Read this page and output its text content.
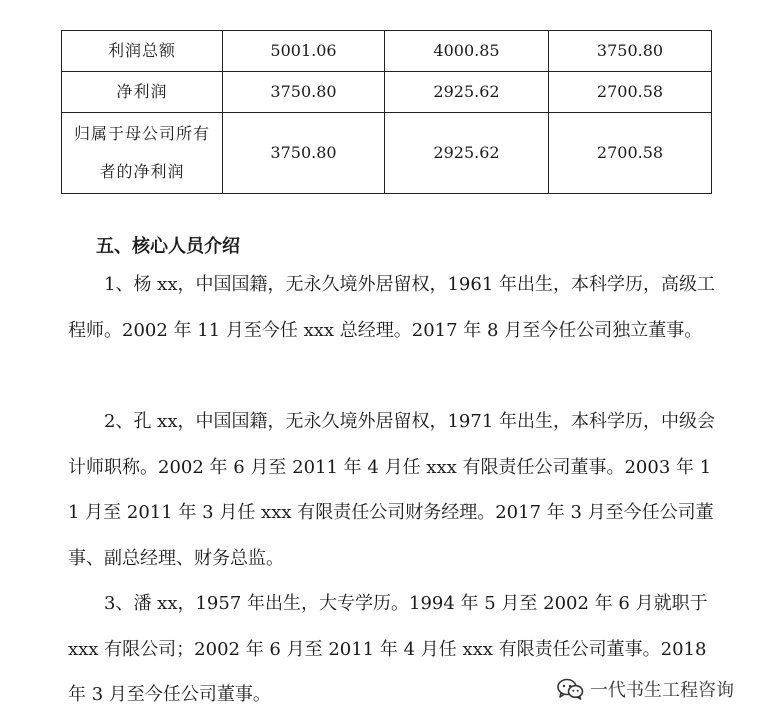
利润总额	5001.06	4000.85	3750.80
净利润	3750.80	2925.62	2700.58
归属于母公司所有者的净利润	3750.80	2925.62	2700.58
五、核心人员介绍

1、杨 xx，中国国籍，无永久境外居留权，1961 年出生，本科学历，高级工程师。2002 年 11 月至今任 xxx 总经理。2017 年 8 月至今任公司独立董事。

2、孔 xx，中国国籍，无永久境外居留权，1971 年出生，本科学历，中级会计师职称。2002 年 6 月至 2011 年 4 月任 xxx 有限责任公司董事。2003 年 11 月至 2011 年 3 月任 xxx 有限责任公司财务经理。2017 年 3 月至今任公司董事、副总经理、财务总监。

3、潘 xx，1957 年出生，大专学历。1994 年 5 月至 2002 年 6 月就职于 xxx 有限公司；2002 年 6 月至 2011 年 4 月任 xxx 有限责任公司董事。2018 年 3 月至今任公司董事。	一代书生工程咨询
